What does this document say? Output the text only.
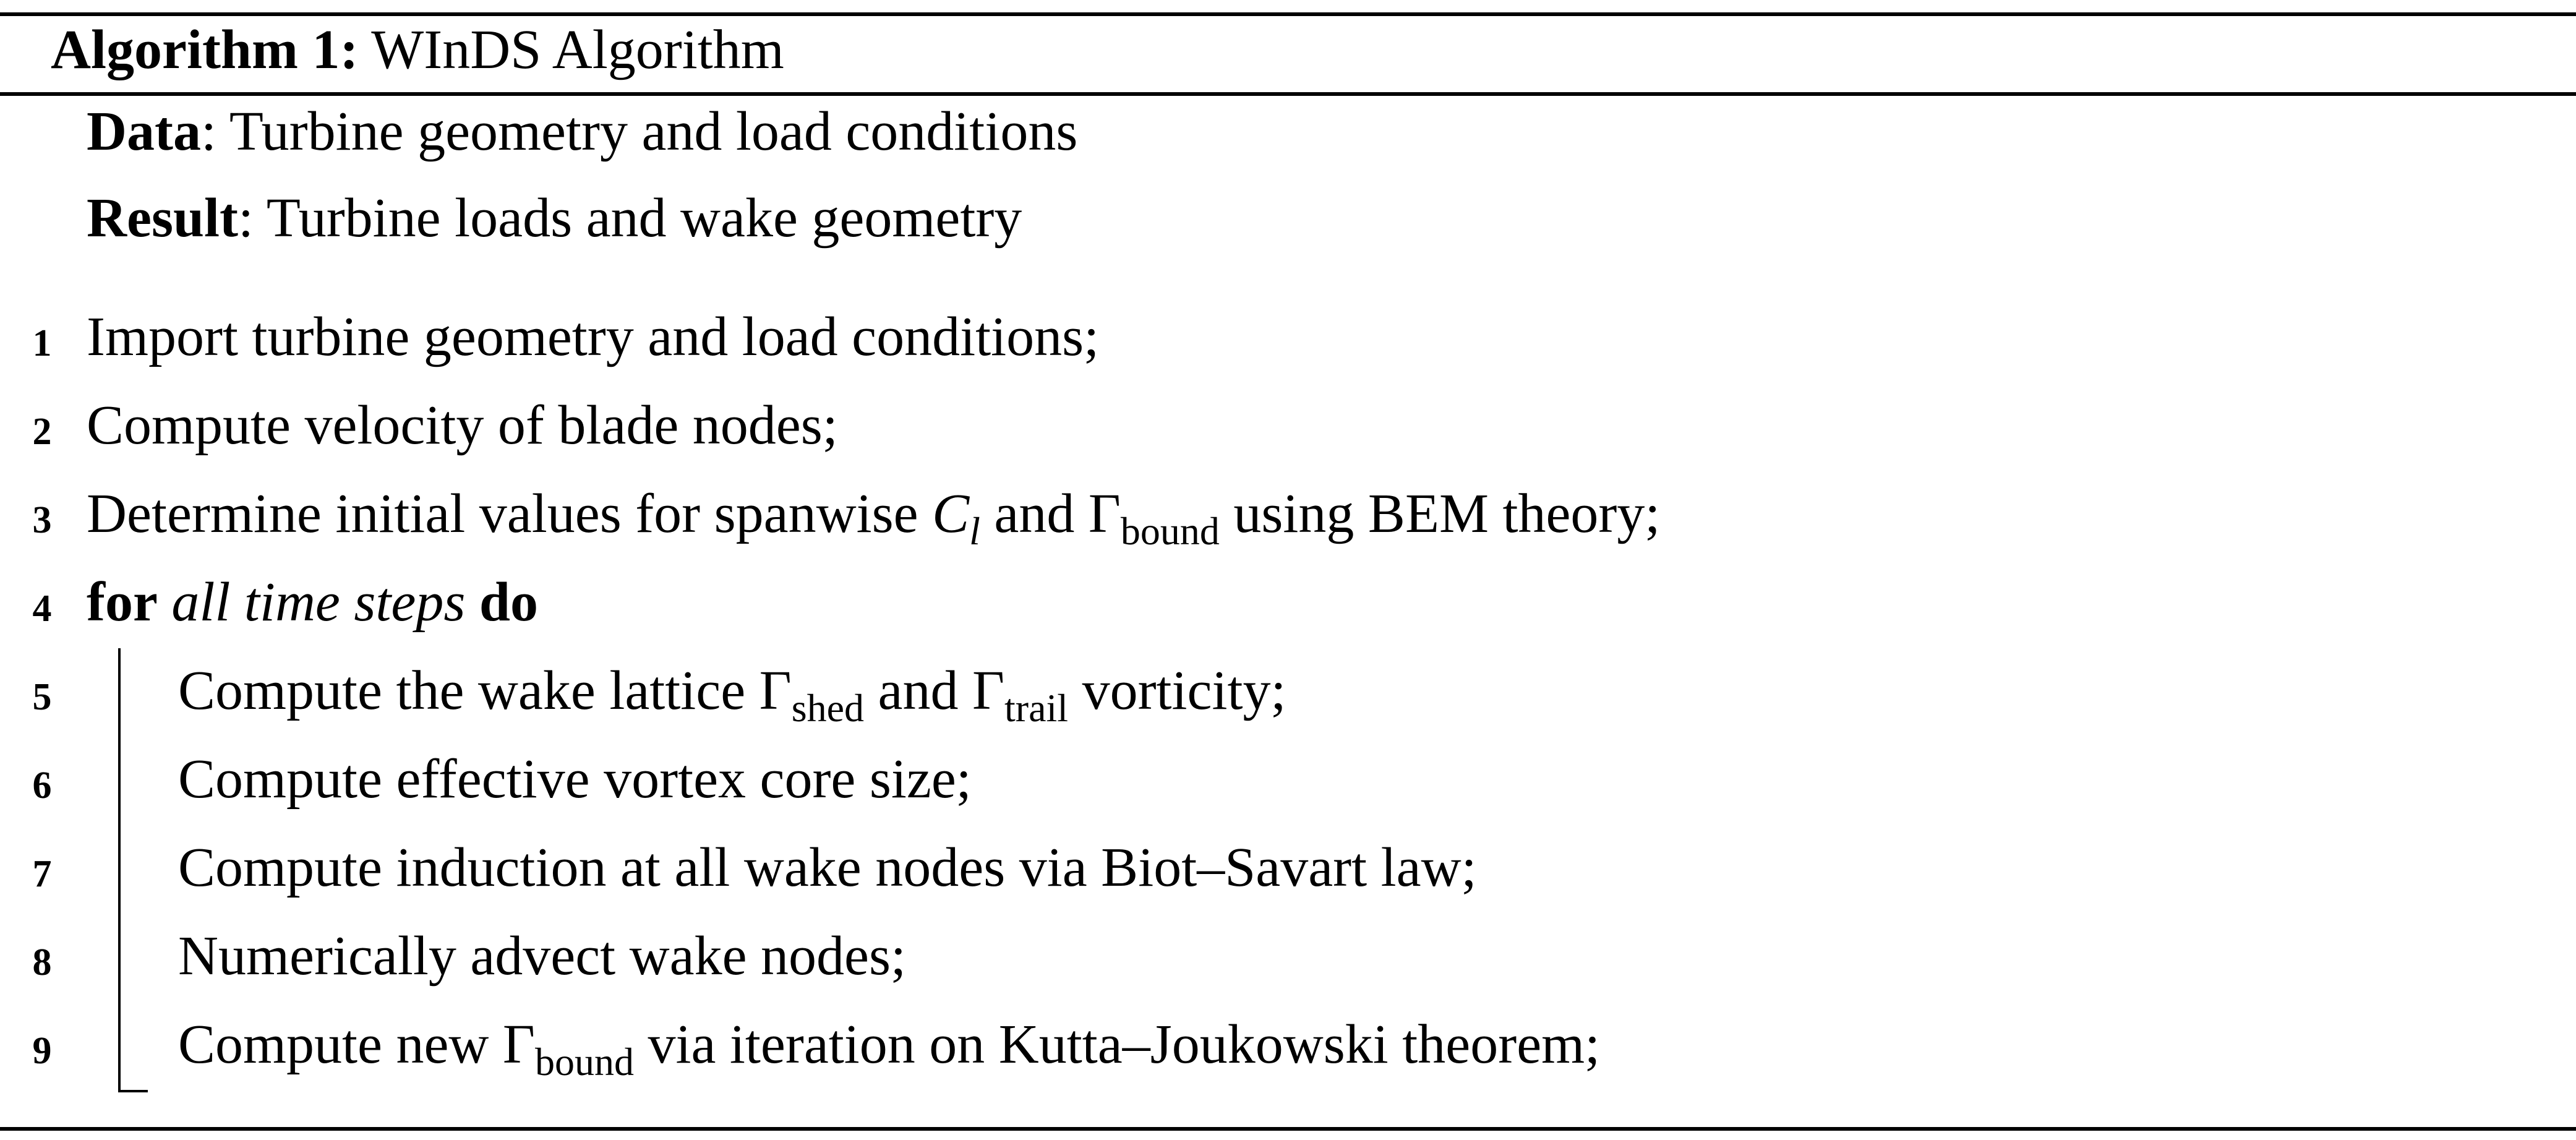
Algorithm 1: WInDS Algorithm
Data: Turbine geometry and load conditions
Result: Turbine loads and wake geometry
1 Import turbine geometry and load conditions;
2 Compute velocity of blade nodes;
3 Determine initial values for spanwise $C_l$ and $\Gamma_{bound}$ using BEM theory;
4 for all time steps do
5 Compute the wake lattice $\Gamma_{shed}$ and $\Gamma_{trail}$ vorticity;
6 Compute effective vortex core size;
7 Compute induction at all wake nodes via Biot–Savart law;
8 Numerically advect wake nodes;
9 Compute new $\Gamma_{bound}$ via iteration on Kutta–Joukowski theorem;
